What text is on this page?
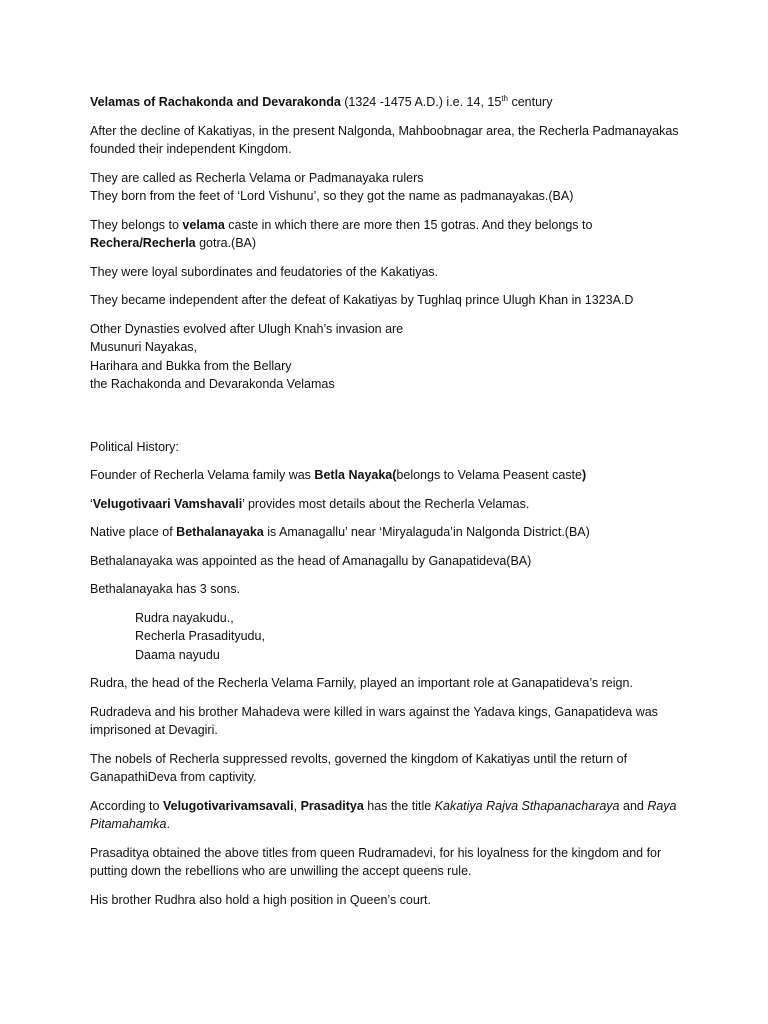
Velamas of Rachakonda and Devarakonda (1324 -1475 A.D.) i.e. 14, 15th century

After the decline of Kakatiyas, in the present Nalgonda, Mahboobnagar area, the Recherla Padmanayakas founded their independent Kingdom.

They are called as Recherla Velama or Padmanayaka rulers
They born from the feet of ‘Lord Vishunu’, so they got the name as padmanayakas.(BA)

They belongs to velama caste in which there are more then 15 gotras. And they belongs to Rechera/Recherla gotra.(BA)

They were loyal subordinates and feudatories of the Kakatiyas.

They became independent after the defeat of Kakatiyas by Tughlaq prince Ulugh Khan in 1323A.D

Other Dynasties evolved after Ulugh Knah’s invasion are
Musunuri Nayakas,
Harihara and Bukka from the Bellary
the Rachakonda and Devarakonda Velamas

Political History:

Founder of Recherla Velama family was Betla Nayaka(belongs to Velama Peasent caste)

‘Velugotivaari Vamshavali’ provides most details about the Recherla Velamas.

Native place of Bethalanayaka is Amanagallu’ near ‘Miryalaguda’in Nalgonda District.(BA)

Bethalanayaka was appointed as the head of Amanagallu by Ganapatideva(BA)

Bethalanayaka has 3 sons.

Rudra nayakudu.,
Recherla Prasadityudu,
Daama nayudu

Rudra, the head of the Recherla Velama Farnily, played an important role at Ganapatideva’s reign.

Rudradeva and his brother Mahadeva were killed in wars against the Yadava kings, Ganapatideva was imprisoned at Devagiri.

The nobels of Recherla suppressed revolts, governed the kingdom of Kakatiyas until the return of GanapathiDeva from captivity.

According to Velugotivarivamsavali, Prasaditya has the title Kakatiya Rajva Sthapanacharaya and Raya Pitamahamka.

Prasaditya obtained the above titles from queen Rudramadevi, for his loyalness for the kingdom and for putting down the rebellions who are unwilling the accept queens rule.

His brother Rudhra also hold a high position in Queen’s court.
